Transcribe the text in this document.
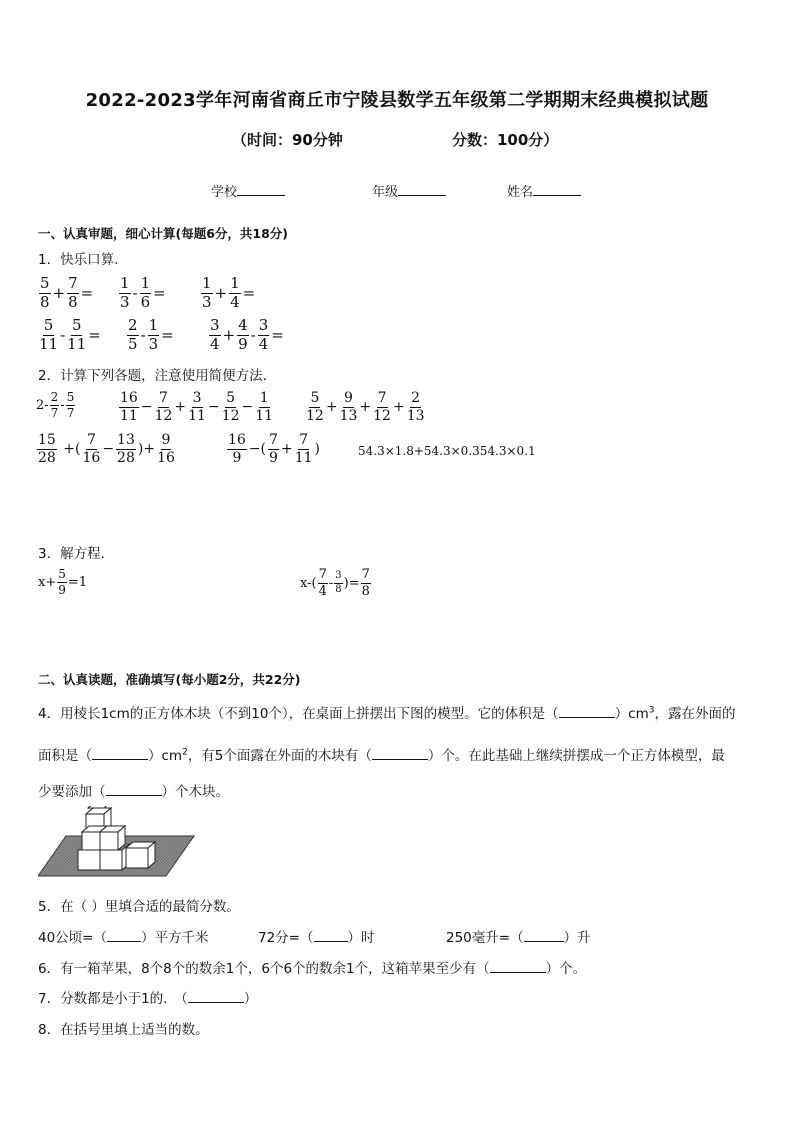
2022-2023学年河南省商丘市宁陵县数学五年级第二学期期末经典模拟试题
（时间：90分钟	分数：100分）
学校	年级	姓名
一、认真审题，细心计算(每题6分，共18分)
1．快乐口算.
$\frac{5}{8} + \frac{7}{8} = \frac{1}{3} - \frac{1}{6} = \frac{1}{3} + \frac{1}{4}$ =
$\frac{5}{11} - \frac{5}{11} = \frac{2}{5} - \frac{1}{3} = \frac{3}{4} + \frac{4}{9} - \frac{3}{4}$ =
2．计算下列各题，注意使用简便方法.
$2- \frac{2}{7} - \frac{5}{7}$	$\frac{16}{11} - \frac{7}{12} + \frac{3}{11} - \frac{5}{12} - \frac{1}{11} \frac{5}{12} + \frac{9}{13} + \frac{7}{12} + \frac{2}{13}$
$\frac{15}{28}$ +( $\frac{7}{16} - \frac{13}{28}$ )+ $\frac{9}{16}$	$\frac{16}{9}$ −( $\frac{7}{9} + \frac{7}{11}$ )	54.3×1.8+54.3×0.354.3×0.1
3．解方程.
$x+ \frac{5}{9} =1$	$x-( \frac{7}{4} - \frac{3}{8}$ )= $\frac{7}{8}$
二、认真读题，准确填写(每小题2分，共22分)
4．用棱长1cm的正方体木块（不到10个），在桌面上拼摆出下图的模型。它的体积是（	）$cm^3$，露在外面的
面积是（	）$cm^2$，有5个面露在外面的木块有（	）个。在此基础上继续拼摆成一个正方体模型，最
少要添加（	）个木块。
5．在（ ）里填合适的最简分数。
40公顷=（	）平方千米	72分=（	）时	250毫升=（	）升
6．有一箱苹果，8个8个的数余1个，6个6个的数余1个，这箱苹果至少有（	）个。
7．分数都是小于1的.　（	）
8．在括号里填上适当的数。
